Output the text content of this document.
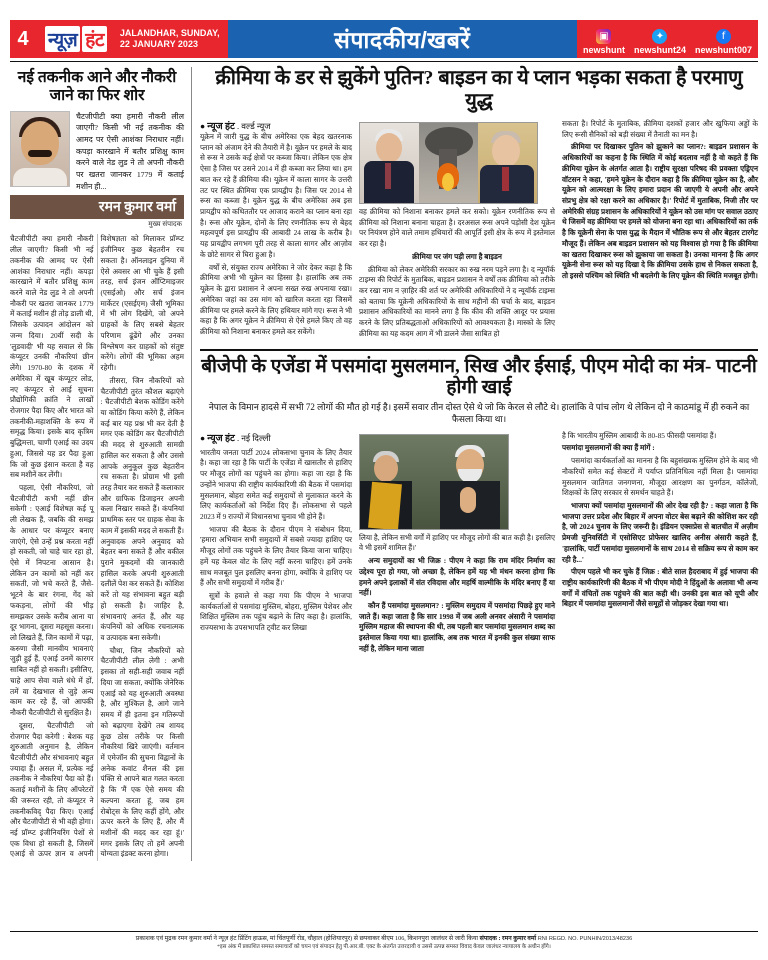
4	न्यूज़ हंट	JALANDHAR, SUNDAY,
22 JANUARY 2023	संपादकीय/खबरें	▣
newshunt
✦
newshunt24
f
newshunt007
नई तकनीक आने और नौकरी जाने का फिर शोर
चैटजीपीटी क्या हमारी नौकरी लील जाएगी? किसी भी नई तकनीक की आमद पर ऐसी आशंका निराधार नहीं। कपड़ा कारखाने में बतौर प्रशिक्षु काम करने वाले नेड लुड ने तो अपनी नौकरी पर खतरा जानकर 1779 में कताई मशीन ही...
रमन कुमार वर्मा
मुख्य संपादक

चैटजीपीटी क्या हमारी नौकरी लील जाएगी? किसी भी नई तकनीक की आमद पर ऐसी आशंका निराधार नहीं। कपड़ा कारखाने में बतौर प्रशिक्षु काम करने वाले नेड लुड ने तो अपनी नौकरी पर खतरा जानकर 1779 में कताई मशीन ही तोड़ डाली थी, जिसके उत्पादन आंदोलन को जन्म दिया। 20वीं सदी के 'लुडवादी' भी यह सवाल से कि कंप्यूटर उनकी नौकरियां छीन लेंगे। 1970-80 के दशक में अमेरिका में खूब कंप्यूटर लोड, नए कंप्यूटर से आई सूचना प्रौद्योगिकी क्रांति ने लाखों रोजगार पैदा किए और भारत को तकनीकी-महाशक्ति के रूप में समृद्ध किया। इसके बाद कृत्रिम बुद्धिमत्ता, चाणी एआई का उदय हुआ, जिससे यह डर पैदा हुआ कि जो कुछ इंसान करता है वह सब मशीनें कर लेंगी।

पहला, ऐसी नौकरियां, जो चैटजीपीटी कभी नहीं छीन सकेगी : एआई विशेषज्ञ कई पू ली लेखक हैं, जबकि की समझ के आधार पर कंप्यूटर बनाए जाएंगे, ऐसे उन्हें प्रश्न करता नहीं हो सकती, जो चाहे चार रहा हो, ऐसे में निपटना आसान है। लेकिन उन कामों को नहीं कर सकती, जो भचे करते हैं, जैसे- भूटने के बार रंगना, गेंद को फकड़ना, लोगों की भीड़ समझकर उसके करीब आना या दूर भागना, दूसरा महसूस करना। लो लिखते हैं, जिन कामों में पढ़ा, करुणा जैसी मानवीय भावनाएं जुड़ी हुई हैं, एआई उनमें कारगर साबित नहीं हो सकती। इसीलिए, चाहे आप सेवा वाले धंधे में हों, तमें वा देखभाल से जुड़े अन्य काम कर रहे हैं, जो आपकी नौकरी चैटजीपीटी से सुरक्षित है।

दूसरा, चैटजीपीटी जो रोजगार पैदा करेगी : बेशक यह शुरुआती अनुमान है, लेकिन चैटजीपीटी और संभावनाएं बहुत ज्यादा हैं। असल में, प्रत्येक नई तकनीक ने नौकरियां पैदा को हैं। कताई मशीनों के लिए ऑपरेटरों की जरूरत रही, तो कंप्यूटर ने तकनीकविद् पैदा किए। एआई और चैटजीपीटी से भी वही होगा। नई प्रॉम्प्ट इंजीनियरिंग पेशों से एक विधा हो सकती है, जिसमें एआई से ऊपर ज्ञान व अपनी विशेषज्ञता को मिलाकर प्रॉम्प्ट इंजीनियर कुछ बेहतरीन रच सकता है। ऑनलाइन दुनिया में ऐसे अवसर आ भी चुके हैं इसी तरह, सर्च इंजन ऑप्टिमाइजर (एसईओ) और सर्च इंजन मार्केटर (एसईएम) जैसी भूमिका में भी लोग दिखेंगे, जो अपने ग्राहकों के लिए सबसे बेहतर परिणाम ढूंढेंगे और उनका विश्लेषण कर ग्राहकों को संतुष्ट करेंगे। लोगों की भूमिका अहम रहेगी।

तीसरा, जिन नौकरियों को चैटजीपीटी तुरंत कौशल बढ़ाएंगे : चैटजीपीटी बेशक कोडिंग करेंगे या कोडिंग किया करेंगे हैं, लेकिन कई बार यह प्रश्न भी कर देती है मगर एक कोडिंग कर चैटजीपीटी की मदद से शुरुआती सामग्री हासिल कर सकता है और उससे आपके अनुकूल कुछ बेहतरीन रच सकता है। प्रोग्राम भी इसी तरह तैयार कर सकते हैं कलाकार और ग्राफिक डिजाइनर अपनी कला निखार सकते हैं। कंपनियां प्राथमिक स्तर पर ग्राहक सेवा के काम में इसकी मदद ले सकती हैं। अनुवादक अपने अनुवाद को बेहतर बना सकते हैं और वकील पुराने मुकदमों की जानकारी हासिल करके अपनी शुरुआती दलीलें पेश कर सकते हैं। कोशिश करें तो यह संभावना बहुत बड़ी हो सकती है। जाहिर है, संभावनाएं अनंत हैं, और यह कंपनियों को अधिक रचनात्मक व उत्पादक बना सकेगी।

चौथा, जिन नौकरियों को चैटजीपीटी लील लेगी : अभी इसका तो सही-सही जवाब नहीं दिया जा सकता, क्योंकि जेनेरिक एआई को यह शुरुआती अवस्था है, और मुश्किल है, आगे जाने समय में ही इतना इन गतिरूपों को बढ़ाएगा देखेंगे तब शायद कुछ ठोस तरीके पर किसी नौकरियां खिरे जाएंगी। वर्तमान में एमेजॉन की सुचना विद्वानों के अनेक कवांट शैनल की इस पंक्ति से आपने बात गलत करता है कि 'मैं एक ऐसे समय की कल्पना करता हूं, जब हम रोबोट्स के लिए कहीं होंगे, और ऊपर करने के लिए हैं, और मैं मशीनों की मदद कर रहा हूं।' मगर इसके लिए तो हमें अपनी योग्यता इंडक्ट करना होगा।

क्रीमिया के डर से झुकेंगे पुतिन? बाइडन का ये प्लान भड़का सकता है परमाणु युद्ध
● न्यूज हंट . वर्ल्ड न्यूज

यूक्रेन में जारी युद्ध के बीच अमेरिका एक बेहद खतरनाक प्लान को अंजाम देने की तैयारी में है। यूक्रेन पर हमले के बाद से रूस ने उसके कई क्षेत्रों पर कब्जा किया। लेकिन एक क्षेत्र ऐसा है जिस पर उसने 2014 में ही कब्जा कर लिया था। हम बात कर रहे हैं क्रीमिया की। यूक्रेन में काला सागर के उत्तरी तट पर स्थित क्रीमिया एक प्रायद्वीप है। जिस पर 2014 से रूस का कब्जा है। यूक्रेन युद्ध के बीच अमेरिका अब इस प्रायद्वीप को कथिततौर पर आजाद कराने का प्लान बना रहा है। रूस और यूक्रेन, दोनों के लिए रणनीतिक रूप से बेहद महत्वपूर्ण इस प्रायद्वीप की आबादी 24 लाख के करीब है। यह प्रायद्वीप लगभग पूरी तरह से काला सागर और आज़ोव के छोटे सागर से घिरा हुआ है।

वर्षों से, संयुक्त राज्य अमेरिका ने जोर देकर कहा है कि क्रीमिया अभी भी यूक्रेन का हिस्सा है। हालांकि अब तक यूक्रेन के द्वारा प्रशासन ने अपना सख्त रुख अपनाया रखा। अमेरिका जहां का उस मांग को खारिज करता रहा जिसमें क्रीमिया पर हमले करने के लिए हथियार मांगे गए। रूस ने भी कहा है कि अगर यूक्रेन ने क्रीमिया से ऐसे हमले किए तो वह क्रीमिया को निशाना बनाकर हमले कर सकेंगे।

वह क्रीमिया को निशाना बनाकर हमले कर सको। यूक्रेन रणनीतिक रूप से क्रीमिया को निशाना बनाना चाहता है। दरअसल रूस अपने पड़ोसी देश यूक्रेन पर नियंत्रण होने वाले तमाम हथियारों की आपूर्ति इसी क्षेत्र के रूप में इस्तेमाल कर रहा है।

क्रीमिया पर जंग पड़ी लगा है बाइडन

क्रीमिया को लेकर अमेरिकी सरकार का रुख नरम पड़ने लगा है। द न्यूयॉर्क टाइम्स की रिपोर्ट के मुताबिक, बाइडन प्रशासन ने वर्षों तक क्रीमिया को तरीके कर रखा नाम न ज़ाहिर की शर्त पर अमेरिकी अधिकारियों ने द न्यूयॉर्क टाइम्स को बताया कि यूक्रेनी अधिकारियों के साथ महीनों की चर्चा के बाद, बाइडन प्रशासन अधिकारियों का मानने लगा है कि कीव की शक्ति आदूर पर प्रयास करने के लिए प्रतिबद्धताओं अधिकारियों को आवश्यकता है। मास्को के लिए क्रीमिया का यह कदम आग में भी डालने जैसा साबित हो

सकता है। रिपोर्ट के मुताबिक, क्रीमिया दशकों हजार और खुफिया अड्डों के लिए रूसी सैनिकों को बड़ी संख्या में तैनाती का मन है।

क्रीमिया पर दिखाकर पुतिन को झुकाने का प्लान?: बाइडन प्रशासन के अधिकारियों का कहना है कि स्थिति में कोई बदलाव नहीं है वो कहते हैं कि क्रीमिया यूक्रेन के अंतर्गत आता है। राष्ट्रीय सुरक्षा परिषद की प्रवक्ता एड्रिएन वॉटसन ने कहा, 'हमने यूक्रेन के दौरान कहा है कि क्रीमिया यूक्रेन का है, और यूक्रेन को आत्मरक्षा के लिए हमारा प्रदान की जाएगी ये अपनी और अपने संप्रभु क्षेत्र को रक्षा करने का अधिकार है।' रिपोर्ट में मुताबिक, निजी तौर पर अमेरिकी संग्रह प्रशासन के अधिकारियों ने यूक्रेन को उस मांग पर सवाल उठाए थे जिसमें वह क्रीमिया पर हमले को योजना बना रहा था। अधिकारियों का तर्क है कि यूक्रेनी सेना के पास युद्ध के मैदान में भौतिक रूप से और बेहतर टारगेट मौजूद हैं। लेकिन अब बाइडन प्रशासन को यह विश्वास हो गया है कि क्रीमिया का खतरा दिखाकर रूस को झुकाया जा सकता है। उनका मानना है कि अगर यूक्रेनी सेना रूस को यह दिखा दे कि क्रीमिया उसके हाथ से निकल सकता है, तो इससे पश्चिम को स्थिति भी बदलेगी के लिए यूक्रेन की स्थिति मजबूत होगी।

बीजेपी के एजेंडा में पसमांदा मुसलमान, सिख और ईसाई, पीएम मोदी का मंत्र- पाटनी होगी खाई
नेपाल के विमान हादसे में सभी 72 लोगों की मौत हो गई है। इसमें सवार तीन दोस्त ऐसे थे जो कि केरल से लौटे थे। हालांकि वे पांच लोग थे लेकिन दो ने काठमांडू में ही रुकने का फैसला किया था।
● न्यूज हंट . नई दिल्ली

भारतीय जनता पार्टी 2024 लोकसभा चुनाव के लिए तैयार है। कहा जा रहा है कि पार्टी के एजेंडा में खासतौर से हाशिए पर मौजूद लोगों का पहुंचने का होगा। कहा जा रहा है कि उन्होंने भाजपा की राष्ट्रीय कार्यकारिणी की बैठक में पसमांदा मुसलमान, बोहरा समेत कई समुदायों से मुलाकात करने के लिए कार्यकर्ताओं को निर्देश दिए हैं। लोकसभा से पहले 2023 में 9 राज्यों में विधानसभा चुनाव भी होने हैं।

भाजपा की बैठक के दौरान पीएम ने संबोधन दिया, 'हमारा अभियान सभी समुदायों में सबसे ज्यादा हाशिए पर मौजूद लोगों तक पहुंचने के लिए तैयार किया जाना चाहिए। हमें यह केवल वोट के लिए नहीं करना चाहिए। हमें उनके साथ मजबूत पुल इसलिए बनना होगा, क्योंकि वे हाशिए पर हैं और सभी समुदायों में गरीब हैं।'

सूत्रों के हवाले से कहा गया कि पीएम ने भाजपा कार्यकर्ताओं से पसमांदा मुस्लिम, बोहरा, मुस्लिम पेशेवर और शिक्षित मुस्लिम तक पहुंच बढ़ाने के लिए कहा है। हालांकि, राज्यसभा के उपसभापति ट्वीट कर लिखा

लिया है, लेकिन सभी वर्गों में हाशिए पर मौजूद लोगों की बात कही है। इसलिए वे भी इसमें शामिल हैं।'

अन्य समुदायों का भी जिक्र : पीएम ने कहा कि राम मंदिर निर्माण का उद्देश्य पूरा हो गया, जो अच्छा है, लेकिन हमें यह भी मंथन करना होगा कि हमने अपने इलाकों में संत रविदास और महर्षि वाल्मीकि के मंदिर बनाए हैं या नहीं।

कौन हैं पसमांदा मुसलमान? : मुस्लिम समुदाय में पसमांदा पिछड़े हुए माने जाते हैं। कहा जाता है कि सार 1998 में जब अली अनवर अंसारी ने पसमांदा मुस्लिम महाज की स्थापना की थी, तब पहली बार पसमांदा मुसलमान शब्द का इस्तेमाल किया गया था। हालांकि, अब तक भारत में इनकी कुल संख्या साफ नहीं है, लेकिन माना जाता

है कि भारतीय मुस्लिम आबादी के 80-85 फीसदी पसमांदा हैं।

पसमांदा मुसलमानों की क्या हैं मांगें :

पसमांदा कार्यकर्ताओं का मानना है कि बहुसंख्यक मुस्लिम होने के बाद भी नौकरियों समेत कई सेक्टरों में पर्याप्त प्रतिनिधित्व नहीं मिला है। पसमांदा मुसलमान जातिगत जनगणना, मौजूदा आरक्षण का पुनर्गठन, कॉलेजों, शिक्षकों के लिए सरकार से समर्थन चाहते हैं।

भाजपा क्यों पसमांदा मुसलमानों की ओर देख रही है? : कहा जाता है कि भाजपा उत्तर प्रदेश और बिहार में अपना वोटर बेस बढ़ाने की कोशिश कर रही है, जो 2024 चुनाव के लिए जरूरी है। इंडियन एक्सप्रेस से बातचीत में अज़ीम प्रेमजी यूनिवर्सिटी में एसोसिएट प्रोफेसर खालिद अनीस अंसारी कहते हैं, 'हालांकि, पार्टी पसमांदा मुसलमानों के साथ 2014 से सक्रिय रूप से काम कर रही है...'

पीएम पहले भी कर चुके हैं जिक्र : बीते साल हैदराबाद में हुई भाजपा की राष्ट्रीय कार्यकारिणी की बैठक में भी पीएम मोदी ने हिंदुओं के अलावा भी अन्य वर्गों में वंचितों तक पहुंचने की बात कही थी। उनकी इस बात को यूपी और बिहार में पसमांदा मुसलमानों जैसे समूहों से जोड़कर देखा गया था।

प्रकाशक एवं मुद्रक रमन कुमार वर्मा ने न्यूज़ हंट प्रिंटिंग हाऊस, मां चिंतपूर्णी रोड, चौहाल (होशियारपुर) से छपवाकर बीएम 106, किशनपुरा जालंधर से जारी किया संपादक : रमन कुमार वर्मा RNI REGD. NO. PUNHIN/2013/48236
*इस अंक में प्रकाशित समस्त समाचारों को चयन एवं संपादन हेतु पी.आर.बी. एक्ट के अंतर्गत उत्तरदायी व उससे उत्पन्न समस्त विवाद केवल जालंधर न्यायालय के अधीन होंगे।
